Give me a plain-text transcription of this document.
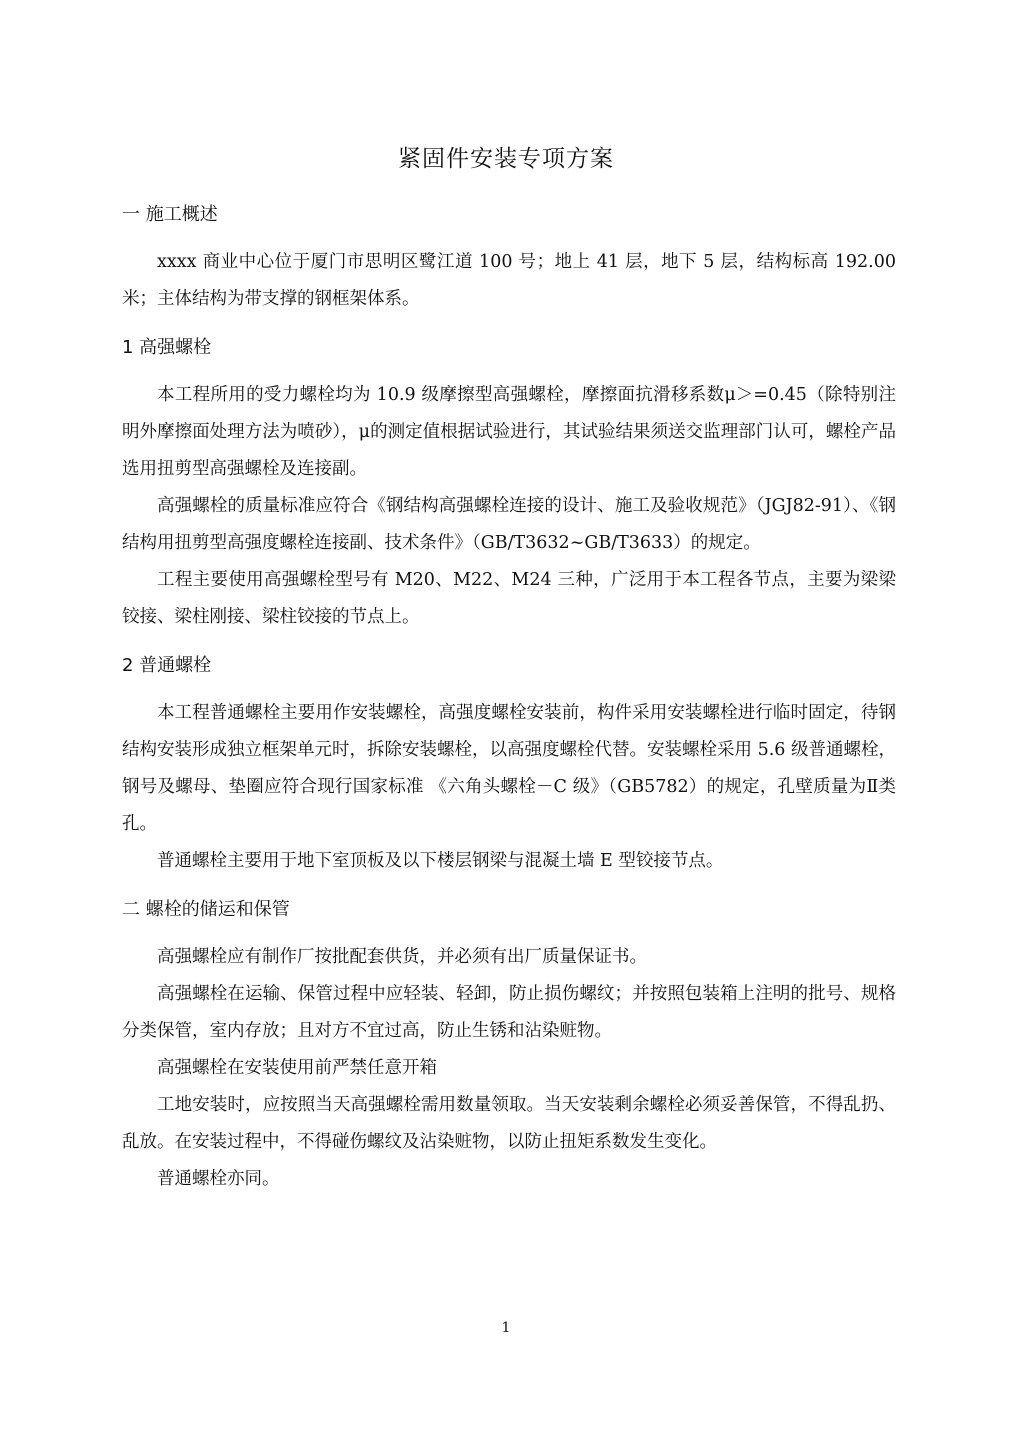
紧固件安装专项方案

一 施工概述

xxxx 商业中心位于厦门市思明区鹭江道 100 号；地上 41 层，地下 5 层，结构标高 192.00 米；主体结构为带支撑的钢框架体系。

1 高强螺栓

本工程所用的受力螺栓均为 10.9 级摩擦型高强螺栓，摩擦面抗滑移系数μ＞=0.45（除特别注明外摩擦面处理方法为喷砂），μ的测定值根据试验进行，其试验结果须送交监理部门认可，螺栓产品选用扭剪型高强螺栓及连接副。

高强螺栓的质量标准应符合《钢结构高强螺栓连接的设计、施工及验收规范》（JGJ82-91）、《钢结构用扭剪型高强度螺栓连接副、技术条件》（GB/T3632~GB/T3633）的规定。

工程主要使用高强螺栓型号有 M20、M22、M24 三种，广泛用于本工程各节点，主要为梁梁铰接、梁柱刚接、梁柱铰接的节点上。

2 普通螺栓

本工程普通螺栓主要用作安装螺栓，高强度螺栓安装前，构件采用安装螺栓进行临时固定，待钢结构安装形成独立框架单元时，拆除安装螺栓，以高强度螺栓代替。安装螺栓采用 5.6 级普通螺栓，钢号及螺母、垫圈应符合现行国家标准 《六角头螺栓－C 级》（GB5782）的规定，孔壁质量为Ⅱ类孔。

普通螺栓主要用于地下室顶板及以下楼层钢梁与混凝土墙 E 型铰接节点。

二 螺栓的储运和保管

高强螺栓应有制作厂按批配套供货，并必须有出厂质量保证书。

高强螺栓在运输、保管过程中应轻装、轻卸，防止损伤螺纹；并按照包装箱上注明的批号、规格分类保管，室内存放；且对方不宜过高，防止生锈和沾染赃物。

高强螺栓在安装使用前严禁任意开箱

工地安装时，应按照当天高强螺栓需用数量领取。当天安装剩余螺栓必须妥善保管，不得乱扔、乱放。在安装过程中，不得碰伤螺纹及沾染赃物，以防止扭矩系数发生变化。

普通螺栓亦同。

1
